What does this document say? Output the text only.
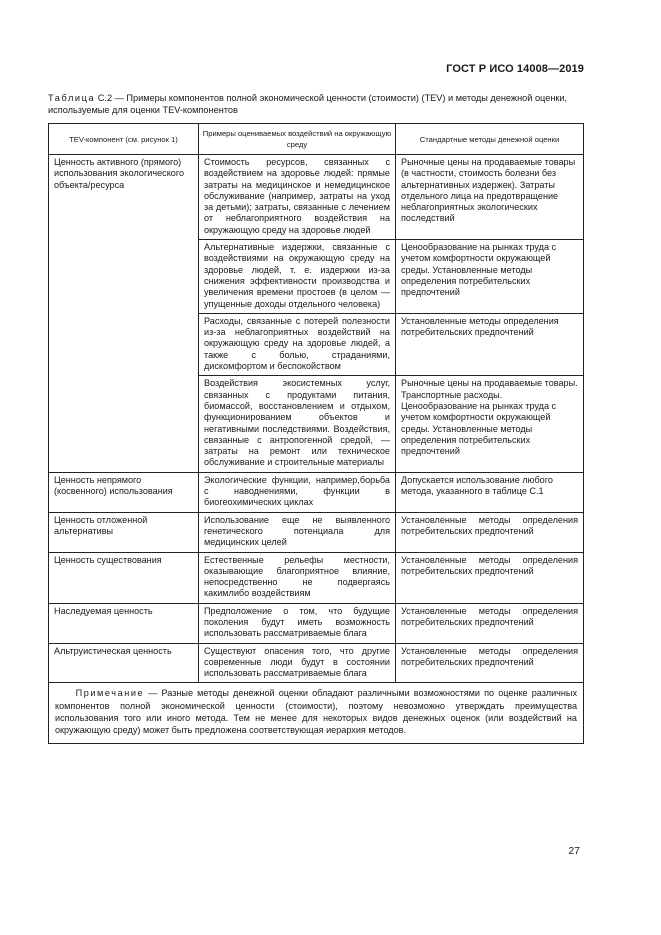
ГОСТ Р ИСО 14008—2019
Таблица С.2 — Примеры компонентов полной экономической ценности (стоимости) (TEV) и методы денежной оценки, используемые для оценки TEV-компонентов
TEV-компонент (см. рисунок 1)	Примеры оцениваемых воздействий на окружающую среду	Стандартные методы денежной оценки
Ценность активного (прямого) использования экологического объекта/ресурса	Стоимость ресурсов, связанных с воздействием на здоровье людей: прямые затраты на медицинское и немедицинское обслуживание (например, затраты на уход за детьми); затраты, связанные с лечением от неблагоприятного воздействия на окружающую среду на здоровье людей	Рыночные цены на продаваемые товары (в частности, стоимость болезни без альтернативных издержек). Затраты отдельного лица на предотвращение неблагоприятных экологических последствий
	Альтернативные издержки, связанные с воздействиями на окружающую среду на здоровье людей, т. е. издержки из-за снижения эффективности производства и увеличения времени простоев (в целом — упущенные доходы отдельного человека)	Ценообразование на рынках труда с учетом комфортности окружающей среды. Установленные методы определения потребительских предпочтений
	Расходы, связанные с потерей полезности из-за неблагоприятных воздействий на окружающую среду на здоровье людей, а также с болью, страданиями, дискомфортом и беспокойством	Установленные методы определения потребительских предпочтений
	Воздействия экосистемных услуг, связанных с продуктами питания, биомассой, восстановлением и отдыхом, функционированием объектов и негативными последствиями. Воздействия, связанные с антропогенной средой, — затраты на ремонт или техническое обслуживание и строительные материалы	Рыночные цены на продаваемые товары. Транспортные расходы. Ценообразование на рынках труда с учетом комфортности окружающей среды. Установленные методы определения потребительских предпочтений
Ценность непрямого (косвенного) использования	Экологические функции, например,борьба с наводнениями, функции в биогеохимических циклах	Допускается использование любого метода, указанного в таблице С.1
Ценность отложенной альтернативы	Использование еще не выявленного генетического потенциала для медицинских целей	Установленные методы определения потребительских предпочтений
Ценность существования	Естественные рельефы местности, оказывающие благоприятное влияние, непосредственно не подвергаясь какимлибо воздействиям	Установленные методы определения потребительских предпочтений
Наследуемая ценность	Предположение о том, что будущие поколения будут иметь возможность использовать рассматриваемые блага	Установленные методы определения потребительских предпочтений
Альтруистическая ценность	Существуют опасения того, что другие современные люди будут в состоянии использовать рассматриваемые блага	Установленные методы определения потребительских предпочтений
Примечание — Разные методы денежной оценки обладают различными возможностями по оценке различных компонентов полной экономической ценности (стоимости), поэтому невозможно утверждать преимущества использования того или иного метода. Тем не менее для некоторых видов денежных оценок (или воздействий на окружающую среду) может быть предложена соответствующая иерархия методов.		
27
